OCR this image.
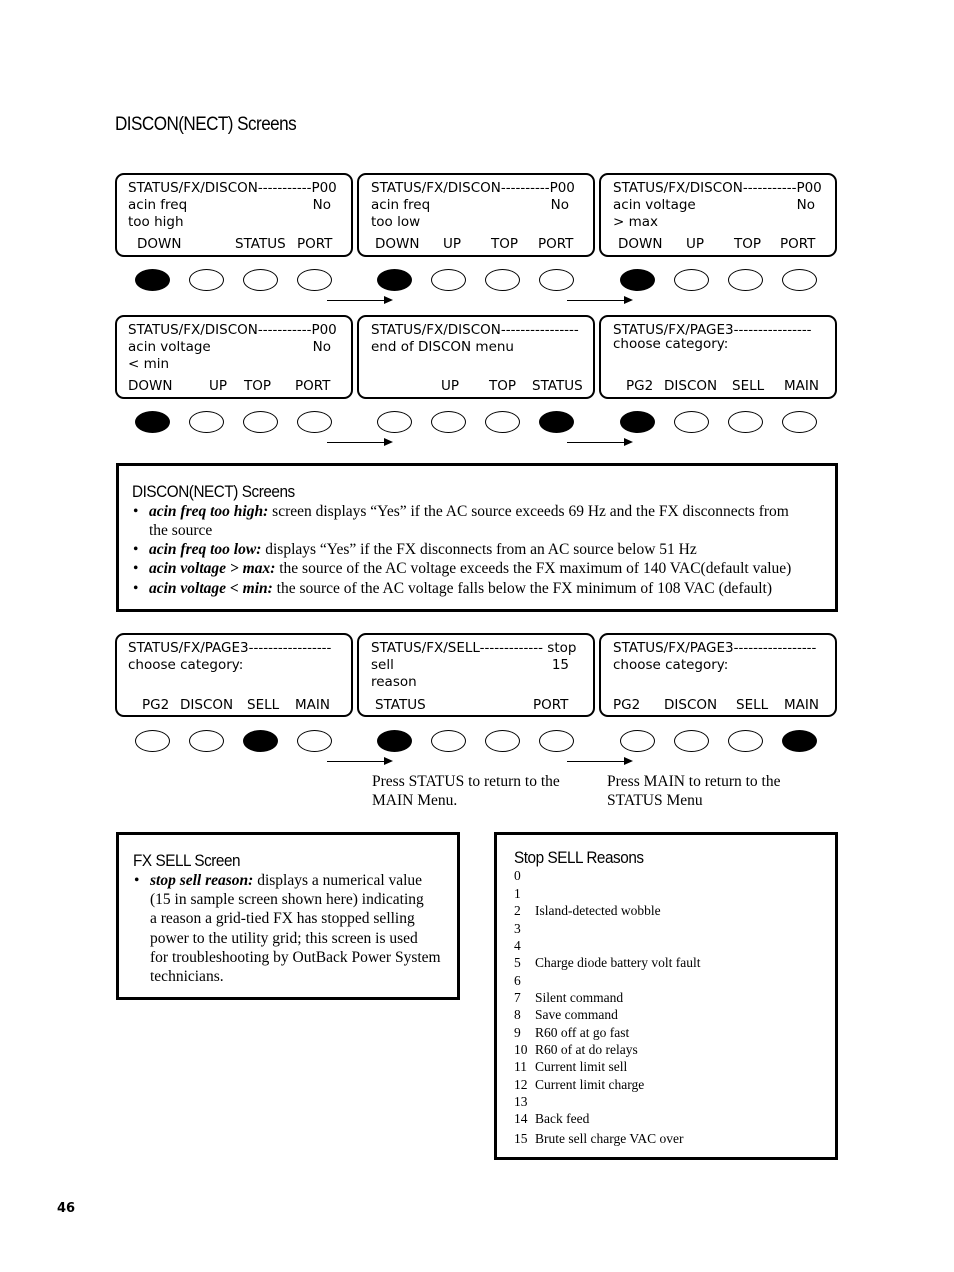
DISCON(NECT) Screens
STATUS/FX/DISCON-----------P00
acin freq	No
too high
DOWN	STATUS PORT
STATUS/FX/DISCON----------P00
acin freq	No
too low
DOWN UP TOP PORT
STATUS/FX/DISCON-----------P00
acin voltage	No
> max
DOWN UP TOP PORT
STATUS/FX/DISCON-----------P00
acin voltage	No
< min
DOWN	UP TOP PORT
STATUS/FX/DISCON----------------
end of DISCON menu
UP TOP STATUS
STATUS/FX/PAGE3----------------
choose category:
PG2 DISCON SELL MAIN
DISCON(NECT) Screens
• acin freq too high: screen displays “Yes” if the AC source exceeds 69 Hz and the FX disconnects from
the source
• acin freq too low: displays “Yes” if the FX disconnects from an AC source below 51 Hz
• acin voltage > max: the source of the AC voltage exceeds the FX maximum of 140 VAC(default value)
• acin voltage < min: the source of the AC voltage falls below the FX minimum of 108 VAC (default)
STATUS/FX/PAGE3-----------------
choose category:
PG2 DISCON SELL MAIN
STATUS/FX/SELL------------- stop
sell	15
reason
STATUS	PORT
STATUS/FX/PAGE3-----------------
choose category:
PG2 DISCON SELL MAIN
Press STATUS to return to the
MAIN Menu.
Press MAIN to return to the
STATUS Menu
FX SELL Screen
• stop sell reason: displays a numerical value
(15 in sample screen shown here) indicating
a reason a grid-tied FX has stopped selling
power to the utility grid; this screen is used
for troubleshooting by OutBack Power System
technicians.
Stop SELL Reasons
0
1
2 Island-detected wobble
3
4
5 Charge diode battery volt fault
6
7 Silent command
8 Save command
9 R60 off at go fast
10 R60 of at do relays
11 Current limit sell
12 Current limit charge
13
14 Back feed
15 Brute sell charge VAC over
46
